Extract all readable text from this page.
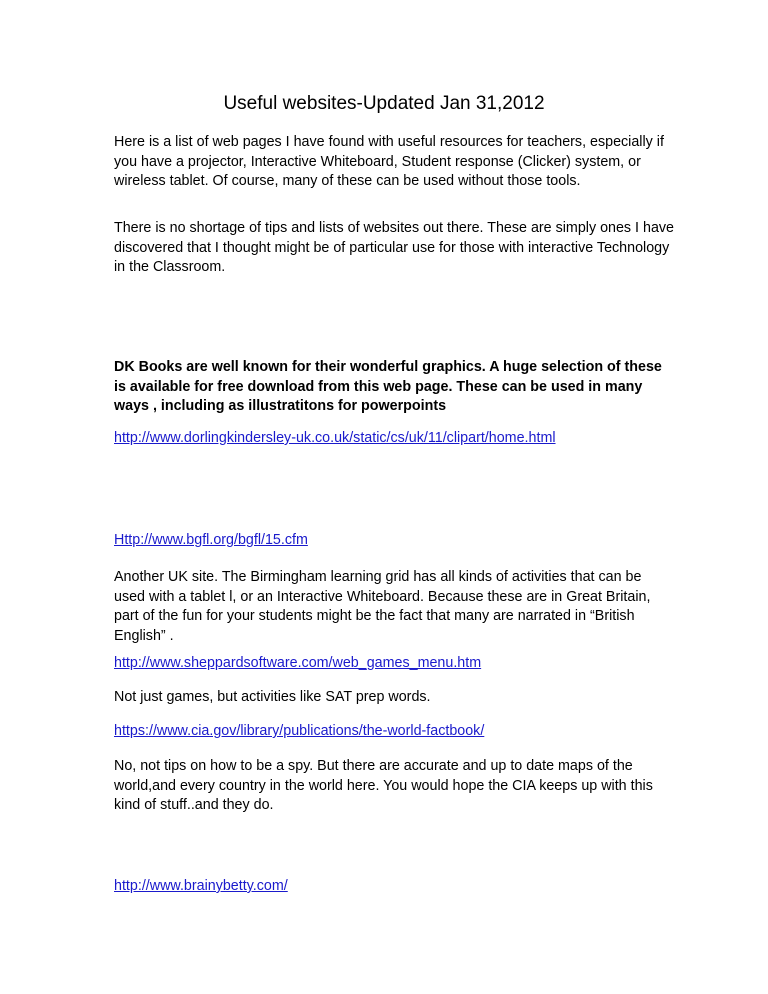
Useful websites-Updated Jan 31,2012

Here is a list of web pages I have found with useful resources for teachers, especially if you have a projector, Interactive Whiteboard, Student response (Clicker) system, or wireless tablet. Of course, many of these can be used without those tools.

There is no shortage of tips and lists of websites out there. These are simply ones I have discovered that I thought might be of particular use for those with interactive Technology in the Classroom.

DK Books are well known for their wonderful graphics. A huge selection of these is available for free download from this web page. These can be used in many ways , including as illustratitons for powerpoints

http://www.dorlingkindersley-uk.co.uk/static/cs/uk/11/clipart/home.html

Http://www.bgfl.org/bgfl/15.cfm

Another UK site. The Birmingham learning grid has all kinds of activities that can be used with a tablet l, or an Interactive Whiteboard. Because these are in Great Britain, part of the fun for your students might be the fact that many are narrated in “British English” .

http://www.sheppardsoftware.com/web_games_menu.htm

Not just games, but activities like SAT prep words.

https://www.cia.gov/library/publications/the-world-factbook/

No, not tips on how to be a spy. But there are accurate and up to date maps of the world,and every country in the world here. You would hope the CIA keeps up with this kind of stuff..and they do.

http://www.brainybetty.com/
